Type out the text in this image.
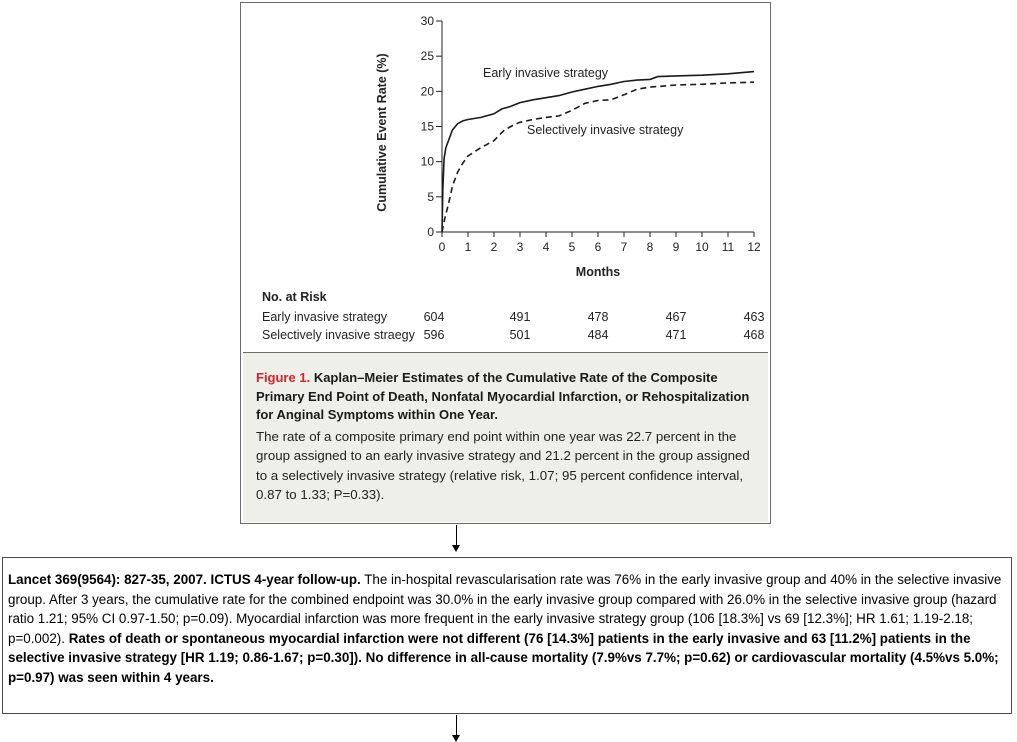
0
5
10
15
20
25
30
0 1 2 3 4 5 6 7 8 9 10 11 12
Months
Cumulative Event Rate (%)	Early invasive strategy
Selectively invasive strategy
No. at Risk
Early invasive strategy	604	491	478	467	463
Selectively invasive straegy 596	501	484	471	468
Figure 1. Kaplan–Meier Estimates of the Cumulative Rate of the Composite Primary End Point of Death, Nonfatal Myocardial Infarction, or Rehospitalization for Anginal Symptoms within One Year.
The rate of a composite primary end point within one year was 22.7 percent in the group assigned to an early invasive strategy and 21.2 percent in the group assigned to a selectively invasive strategy (relative risk, 1.07; 95 percent confidence interval, 0.87 to 1.33; P=0.33).
Lancet 369(9564): 827-35, 2007. ICTUS 4-year follow-up. The in-hospital revascularisation rate was 76% in the early invasive group and 40% in the selective invasive group. After 3 years, the cumulative rate for the combined endpoint was 30.0% in the early invasive group compared with 26.0% in the selective invasive group (hazard ratio 1.21; 95% CI 0.97-1.50; p=0.09). Myocardial infarction was more frequent in the early invasive strategy group (106 [18.3%] vs 69 [12.3%]; HR 1.61; 1.19-2.18; p=0.002). Rates of death or spontaneous myocardial infarction were not different (76 [14.3%] patients in the early invasive and 63 [11.2%] patients in the selective invasive strategy [HR 1.19; 0.86-1.67; p=0.30]). No difference in all-cause mortality (7.9%vs 7.7%; p=0.62) or cardiovascular mortality (4.5%vs 5.0%; p=0.97) was seen within 4 years.
